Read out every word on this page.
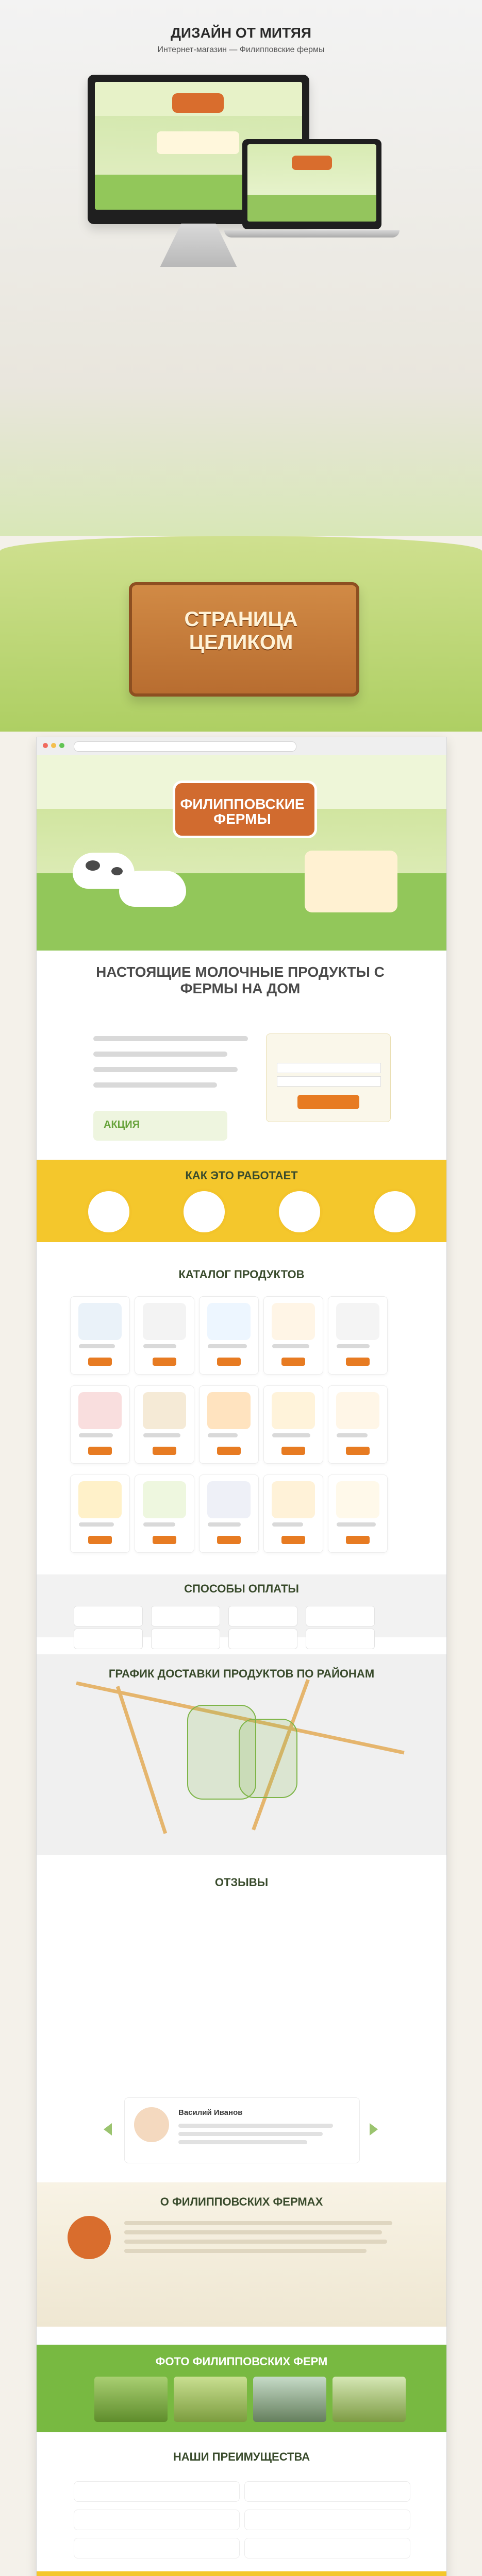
ДИЗАЙН ОТ МИТЯЯ
Интернет-магазин — Филипповские фермы
СТРАНИЦА ЦЕЛИКОМ
ФИЛИППОВСКИЕ ФЕРМЫ
НАСТОЯЩИЕ МОЛОЧНЫЕ ПРОДУКТЫ С ФЕРМЫ НА ДОМ
АКЦИЯ
КАК ЭТО РАБОТАЕТ
КАТАЛОГ ПРОДУКТОВ
СПОСОБЫ ОПЛАТЫ
ГРАФИК ДОСТАВКИ ПРОДУКТОВ ПО РАЙОНАМ
ОТЗЫВЫ
Василий Иванов
О ФИЛИППОВСКИХ ФЕРМАХ
ФОТО ФИЛИППОВСКИХ ФЕРМ
НАШИ ПРЕИМУЩЕСТВА
